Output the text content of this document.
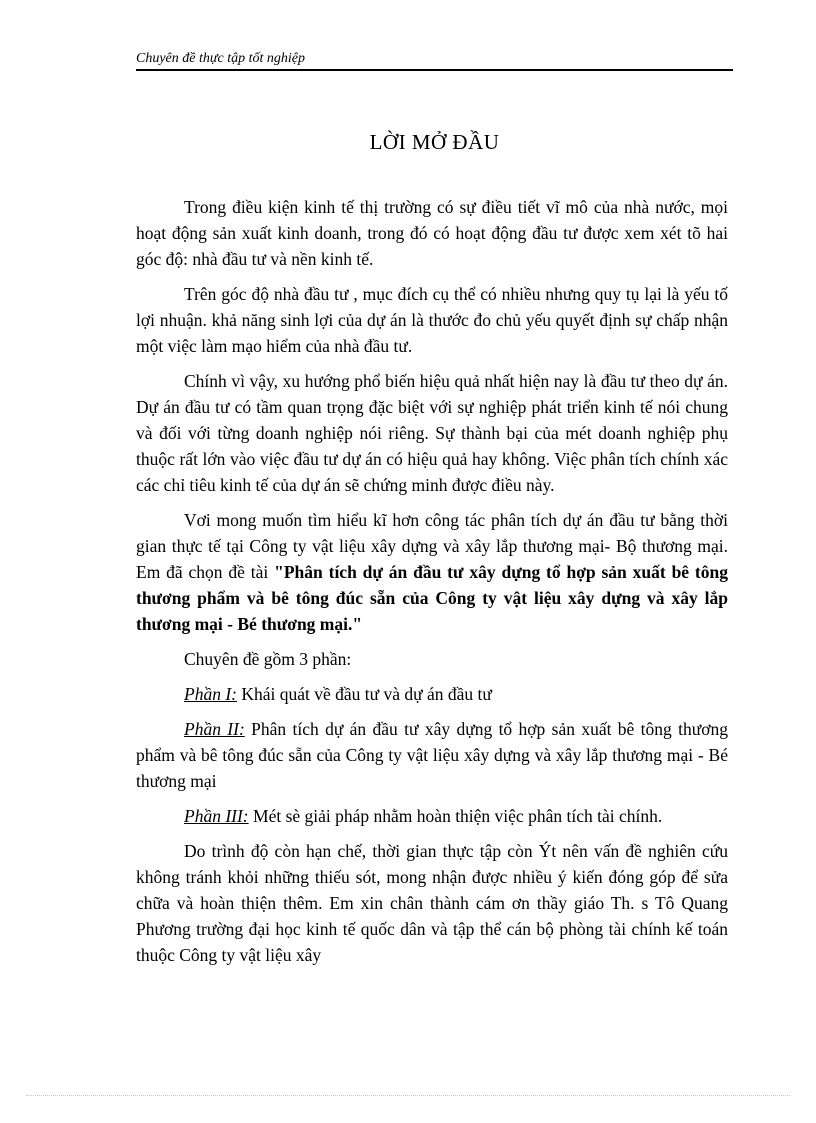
Chuyên đề thực tập tốt nghiệp
LỜI MỞ ĐẦU

Trong điều kiện kinh tế thị trường có sự điều tiết vĩ mô của nhà nước, mọi hoạt động sản xuất kinh doanh, trong đó có hoạt động đầu tư được xem xét tõ hai góc độ: nhà đầu tư và nền kinh tế.

Trên góc độ nhà đầu tư , mục đích cụ thể có nhiều nhưng quy tụ lại là yếu tố lợi nhuận. khả năng sinh lợi của dự án là thước đo chủ yếu quyết định sự chấp nhận một việc làm mạo hiểm của nhà đầu tư.

Chính vì vậy, xu hướng phổ biến hiệu quả nhất hiện nay là đầu tư theo dự án. Dự án đầu tư có tầm quan trọng đặc biệt với sự nghiệp phát triển kinh tế nói chung và đối với từng doanh nghiệp nói riêng. Sự thành bại của mét doanh nghiệp phụ thuộc rất lớn vào việc đầu tư dự án có hiệu quả hay không. Việc phân tích chính xác các chỉ tiêu kinh tế của dự án sẽ chứng minh được điều này.

Vơi mong muốn tìm hiểu kĩ hơn công tác phân tích dự án đầu tư bằng thời gian thực tế tại Công ty vật liệu xây dựng và xây lắp thương mại- Bộ thương mại. Em đã chọn đề tài "Phân tích dự án đầu tư xây dựng tổ hợp sản xuất bê tông thương phẩm và bê tông đúc sẵn của Công ty vật liệu xây dựng và xây lắp thương mại - Bé thương mại."

Chuyên đề gồm 3 phần:

Phần I: Khái quát về đầu tư và dự án đầu tư

Phần II: Phân tích dự án đầu tư xây dựng tổ hợp sản xuất bê tông thương phẩm và bê tông đúc sẵn của Công ty vật liệu xây dựng và xây lắp thương mại - Bé thương mại

Phần III: Mét sè giải pháp nhằm hoàn thiện việc phân tích tài chính.

Do trình độ còn hạn chế, thời gian thực tập còn Ýt nên vấn đề nghiên cứu không tránh khỏi những thiếu sót, mong nhận được nhiều ý kiến đóng góp để sửa chữa và hoàn thiện thêm. Em xin chân thành cám ơn thầy giáo Th. s Tô Quang Phương trường đại học kinh tế quốc dân và tập thể cán bộ phòng tài chính kế toán thuộc Công ty vật liệu xây
